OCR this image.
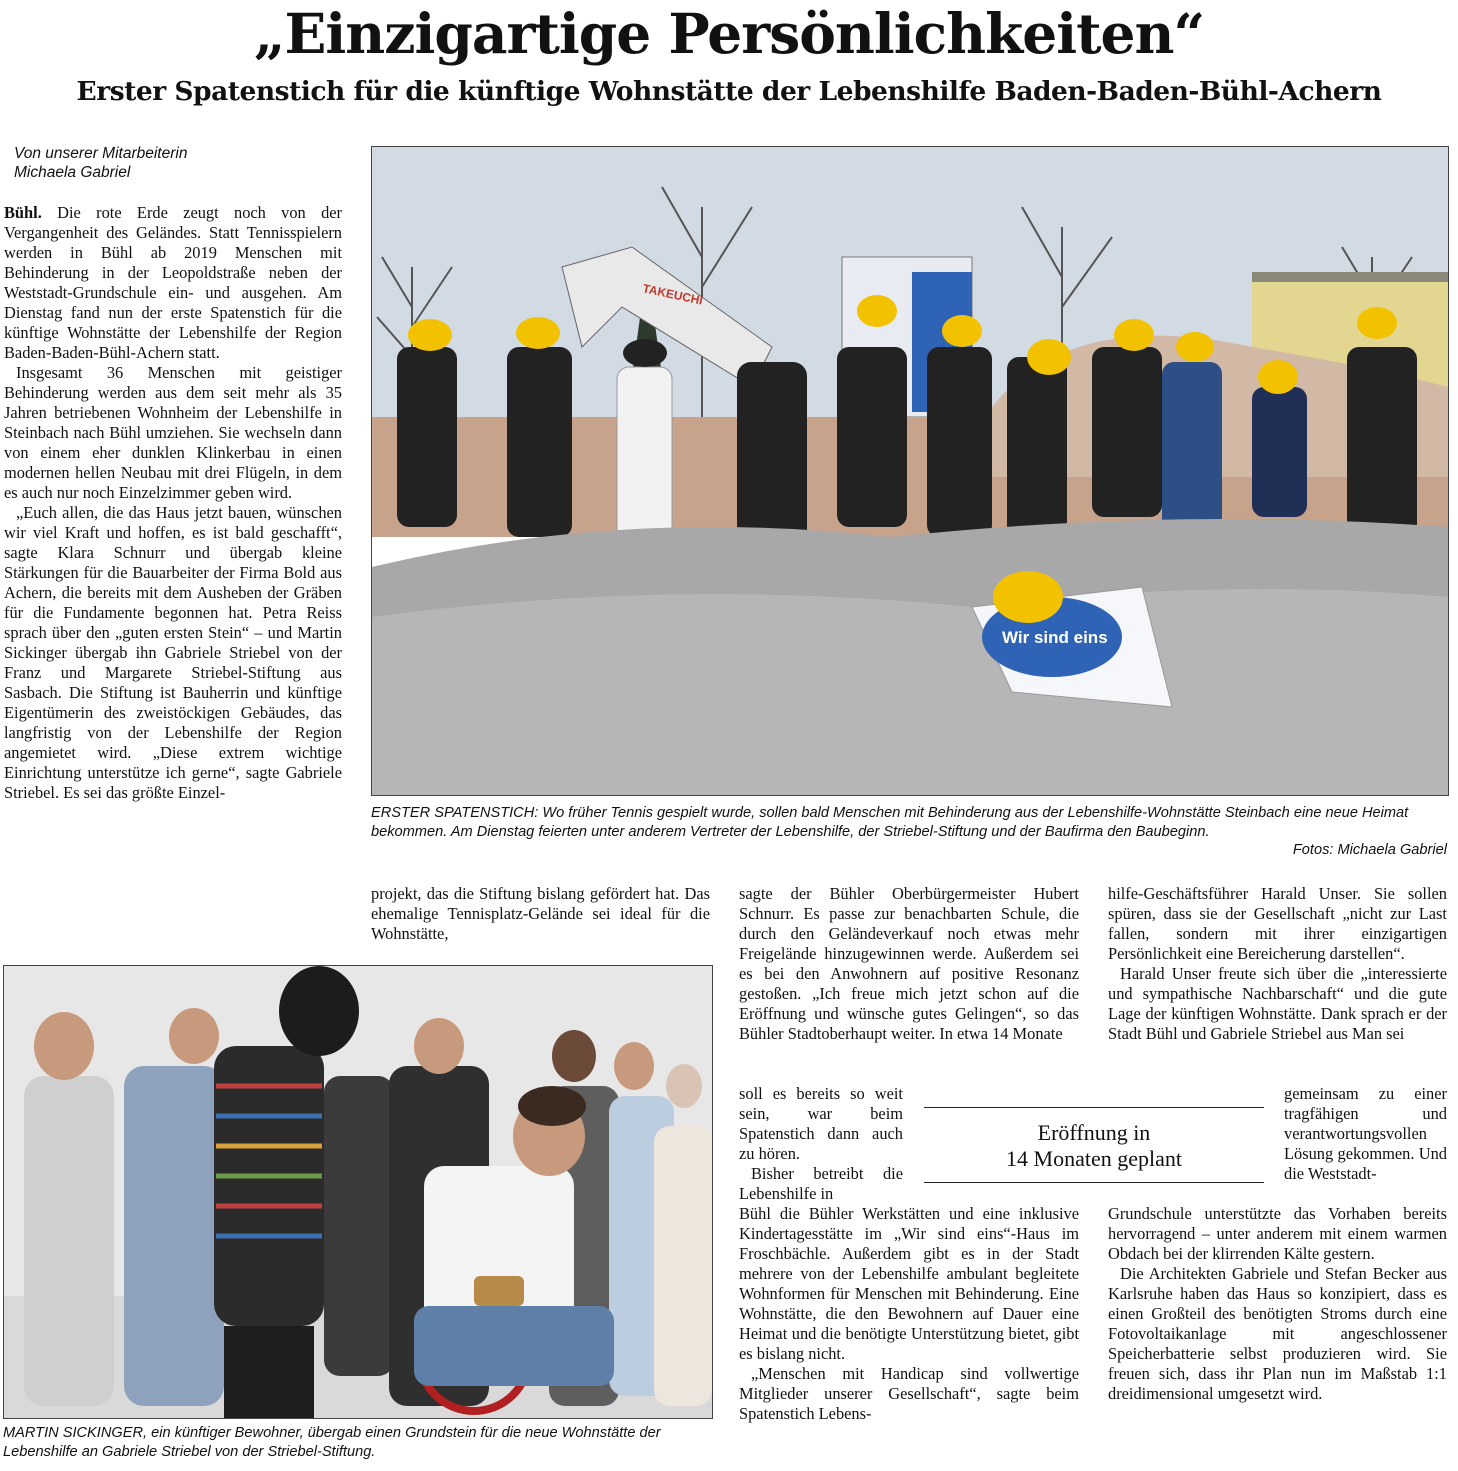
„Einzigartige Persönlichkeiten“
Erster Spatenstich für die künftige Wohnstätte der Lebenshilfe Baden-Baden-Bühl-Achern
Von unserer Mitarbeiterin
Michaela Gabriel

Bühl. Die rote Erde zeugt noch von der Vergangenheit des Geländes. Statt Tennisspielern werden in Bühl ab 2019 Menschen mit Behinderung in der Leopoldstraße neben der Weststadt-Grundschule ein- und ausgehen. Am Dienstag fand nun der erste Spatenstich für die künftige Wohnstätte der Lebenshilfe der Region Baden-Baden-Bühl-Achern statt.

Insgesamt 36 Menschen mit geistiger Behinderung werden aus dem seit mehr als 35 Jahren betriebenen Wohnheim der Lebenshilfe in Steinbach nach Bühl umziehen. Sie wechseln dann von einem eher dunklen Klinkerbau in einen modernen hellen Neubau mit drei Flügeln, in dem es auch nur noch Einzelzimmer geben wird.

„Euch allen, die das Haus jetzt bauen, wünschen wir viel Kraft und hoffen, es ist bald geschafft“, sagte Klara Schnurr und übergab kleine Stärkungen für die Bauarbeiter der Firma Bold aus Achern, die bereits mit dem Ausheben der Gräben für die Fundamente begonnen hat. Petra Reiss sprach über den „guten ersten Stein“ – und Martin Sickinger übergab ihn Gabriele Striebel von der Franz und Margarete Striebel-Stiftung aus Sasbach. Die Stiftung ist Bauherrin und künftige Eigentümerin des zweistöckigen Gebäudes, das langfristig von der Lebenshilfe der Region angemietet wird. „Diese extrem wichtige Einrichtung unterstütze ich gerne“, sagte Gabriele Striebel. Es sei das größte Einzel-

TAKEUCHI
Wir sind eins
ERSTER SPATENSTICH: Wo früher Tennis gespielt wurde, sollen bald Menschen mit Behinderung aus der Lebenshilfe-Wohnstätte Steinbach eine neue Heimat bekommen. Am Dienstag feierten unter anderem Vertreter der Lebenshilfe, der Striebel-Stiftung und der Baufirma den Baubeginn.
Fotos: Michaela Gabriel

projekt, das die Stiftung bislang gefördert hat. Das ehemalige Tennisplatz-Gelände sei ideal für die Wohnstätte,

MARTIN SICKINGER, ein künftiger Bewohner, übergab einen Grundstein für die neue Wohnstätte der Lebenshilfe an Gabriele Striebel von der Striebel-Stiftung.

sagte der Bühler Oberbürgermeister Hubert Schnurr. Es passe zur benachbarten Schule, die durch den Geländeverkauf noch etwas mehr Freigelände hinzugewinnen werde. Außerdem sei es bei den Anwohnern auf positive Resonanz gestoßen. „Ich freue mich jetzt schon auf die Eröffnung und wünsche gutes Gelingen“, so das Bühler Stadtoberhaupt weiter. In etwa 14 Monate

soll es bereits so weit sein, war beim Spatenstich dann auch zu hören.

Bisher betreibt die Lebenshilfe in

Bühl die Bühler Werkstätten und eine inklusive Kindertagesstätte im „Wir sind eins“-Haus im Froschbächle. Außerdem gibt es in der Stadt mehrere von der Lebenshilfe ambulant begleitete Wohnformen für Menschen mit Behinderung. Eine Wohnstätte, die den Bewohnern auf Dauer eine Heimat und die benötigte Unterstützung bietet, gibt es bislang nicht.

„Menschen mit Handicap sind vollwertige Mitglieder unserer Gesellschaft“, sagte beim Spatenstich Lebens-

Eröffnung in
14 Monaten geplant

hilfe-Geschäftsführer Harald Unser. Sie sollen spüren, dass sie der Gesellschaft „nicht zur Last fallen, sondern mit ihrer einzigartigen Persönlichkeit eine Bereicherung darstellen“.

Harald Unser freute sich über die „interessierte und sympathische Nachbarschaft“ und die gute Lage der künftigen Wohnstätte. Dank sprach er der Stadt Bühl und Gabriele Striebel aus Man sei

gemeinsam zu einer tragfähigen und verantwortungsvollen Lösung gekommen. Und die Weststadt-

Grundschule unterstützte das Vorhaben bereits hervorragend – unter anderem mit einem warmen Obdach bei der klirrenden Kälte gestern.

Die Architekten Gabriele und Stefan Becker aus Karlsruhe haben das Haus so konzipiert, dass es einen Großteil des benötigten Stroms durch eine Fotovoltaikanlage mit angeschlossener Speicherbatterie selbst produzieren wird. Sie freuen sich, dass ihr Plan nun im Maßstab 1:1 dreidimensional umgesetzt wird.
